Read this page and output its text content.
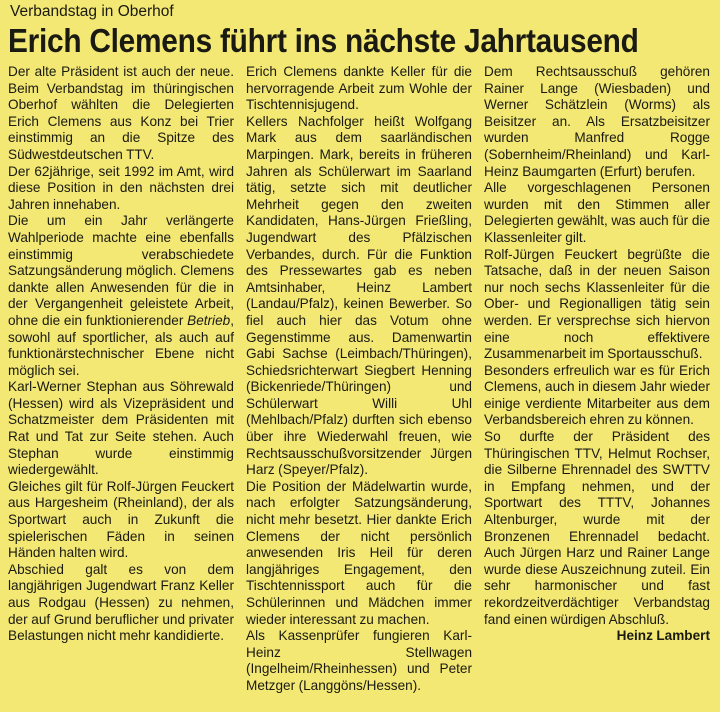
Verbandstag in Oberhof
Erich Clemens führt ins nächste Jahrtausend

Der alte Präsident ist auch der neue. Beim Verbandstag im thüringischen Oberhof wählten die Delegierten Erich Clemens aus Konz bei Trier einstimmig an die Spitze des Südwestdeutschen TTV.

Der 62jährige, seit 1992 im Amt, wird diese Position in den nächsten drei Jahren innehaben.

Die um ein Jahr verlängerte Wahlperiode machte eine ebenfalls einstimmig verabschiedete Satzungsänderung möglich. Clemens dankte allen Anwesenden für die in der Vergangenheit geleistete Arbeit, ohne die ein funktionierender Betrieb, sowohl auf sportlicher, als auch auf funktionärstechnischer Ebene nicht möglich sei.

Karl-Werner Stephan aus Söhrewald (Hessen) wird als Vizepräsident und Schatzmeister dem Präsidenten mit Rat und Tat zur Seite stehen. Auch Stephan wurde einstimmig wiedergewählt.

Gleiches gilt für Rolf-Jürgen Feuckert aus Hargesheim (Rheinland), der als Sportwart auch in Zukunft die spielerischen Fäden in seinen Händen halten wird.

Abschied galt es von dem langjährigen Jugendwart Franz Keller aus Rodgau (Hessen) zu nehmen, der auf Grund beruflicher und privater Belastungen nicht mehr kandidierte.

Erich Clemens dankte Keller für die hervorragende Arbeit zum Wohle der Tischtennisjugend.

Kellers Nachfolger heißt Wolfgang Mark aus dem saarländischen Marpingen. Mark, bereits in früheren Jahren als Schülerwart im Saarland tätig, setzte sich mit deutlicher Mehrheit gegen den zweiten Kandidaten, Hans-Jürgen Frießling, Jugendwart des Pfälzischen Verbandes, durch. Für die Funktion des Pressewartes gab es neben Amtsinhaber, Heinz Lambert (Landau/Pfalz), keinen Bewerber. So fiel auch hier das Votum ohne Gegenstimme aus. Damenwartin Gabi Sachse (Leimbach/Thüringen), Schiedsrichterwart Siegbert Henning (Bickenriede/Thüringen) und Schülerwart Willi Uhl (Mehlbach/Pfalz) durften sich ebenso über ihre Wiederwahl freuen, wie Rechtsausschußvorsitzender Jürgen Harz (Speyer/Pfalz).

Die Position der Mädelwartin wurde, nach erfolgter Satzungsänderung, nicht mehr besetzt. Hier dankte Erich Clemens der nicht persönlich anwesenden Iris Heil für deren langjähriges Engagement, den Tischtennissport auch für die Schülerinnen und Mädchen immer wieder interessant zu machen.

Als Kassenprüfer fungieren Karl-Heinz Stellwagen (Ingelheim/Rheinhessen) und Peter Metzger (Langgöns/Hessen).

Dem Rechtsausschuß gehören Rainer Lange (Wiesbaden) und Werner Schätzlein (Worms) als Beisitzer an. Als Ersatzbeisitzer wurden Manfred Rogge (Sobernheim/Rheinland) und Karl-Heinz Baumgarten (Erfurt) berufen.

Alle vorgeschlagenen Personen wurden mit den Stimmen aller Delegierten gewählt, was auch für die Klassenleiter gilt.

Rolf-Jürgen Feuckert begrüßte die Tatsache, daß in der neuen Saison nur noch sechs Klassenleiter für die Ober- und Regionalligen tätig sein werden. Er versprechse sich hiervon eine noch effektivere Zusammenarbeit im Sportausschuß.

Besonders erfreulich war es für Erich Clemens, auch in diesem Jahr wieder einige verdiente Mitarbeiter aus dem Verbandsbereich ehren zu können.

So durfte der Präsident des Thüringischen TTV, Helmut Rochser, die Silberne Ehrennadel des SWTTV in Empfang nehmen, und der Sportwart des TTTV, Johannes Altenburger, wurde mit der Bronzenen Ehrennadel bedacht. Auch Jürgen Harz und Rainer Lange wurde diese Auszeichnung zuteil. Ein sehr harmonischer und fast rekordzeitverdächtiger Verbandstag fand einen würdigen Abschluß.
Heinz Lambert
